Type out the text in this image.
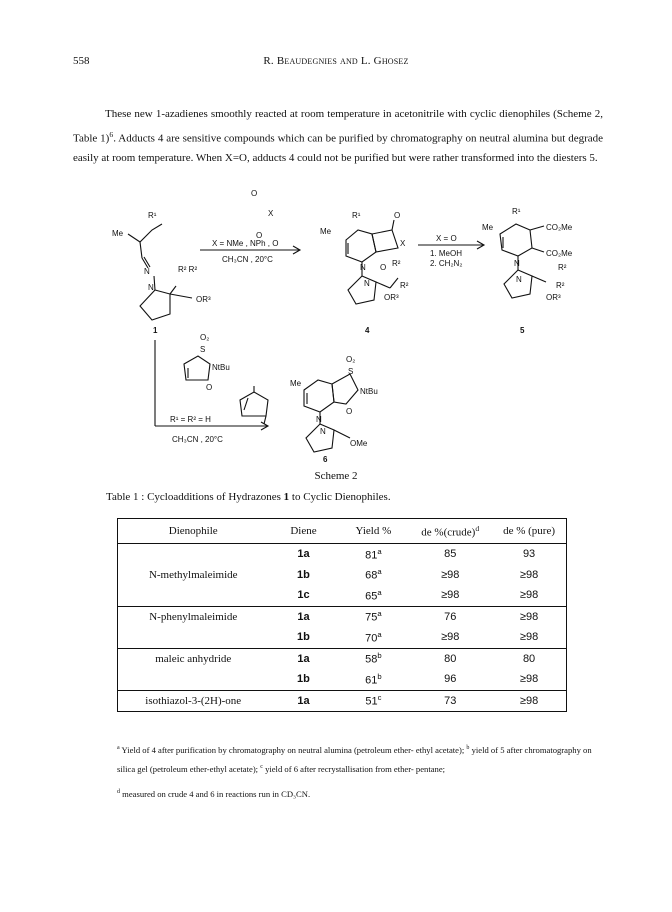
558	R. Beaudegnies and L. Ghosez
These new 1-azadienes smoothly reacted at room temperature in acetonitrile with cyclic dienophiles (Scheme 2, Table 1)$^6$. Adducts 4 are sensitive compounds which can be purified by chromatography on neutral alumina but degrade easily at room temperature. When X=O, adducts 4 could not be purified but were rather transformed into the diesters 5.
R¹
Me
N	R² R²
N
OR³
1
O
X
O
X = NMe , NPh , O
CH₃CN , 20°C
R¹
Me
O
X
N O R²
R²
N
OR³
4
X = O
1. MeOH
2. CH₂N₂
R¹
Me	CO₂Me
CO₂Me
N	R²
N
R²
OR³
5
O₂
S
NtBu
O
R¹ = R² = H
CH₃CN , 20°C
Me
O₂
S
NtBu
O
N
N
OMe
6
Scheme 2
Table 1 : Cycloadditions of Hydrazones 1 to Cyclic Dienophiles.
Dienophile	Diene	Yield %	de %(crude)$^d$	de % (pure)
	1a	81$^a$	85	93
N-methylmaleimide	1b	$68^a$	≥98	≥98
	1c	$65^a$	≥98	≥98
N-phenylmaleimide	1a	75$^a$	76	≥98
	1b	$70^a$	≥98	≥98
maleic anhydride	1a	58$^b$	80	80
	1b	61$^b$	96	≥98
isothiazol-3-(2H)-one	1a	51$^c$	73	≥98
$^a$ Yield of 4 after purification by chromatography on neutral alumina (petroleum ether- ethyl acetate); $^b$ yield of 5 after chromatography on silica gel (petroleum ether-ethyl acetate); $^c$ yield of 6 after recrystallisation from ether- pentane;
$^d$ measured on crude 4 and 6 in reactions run in CD₃CN.
